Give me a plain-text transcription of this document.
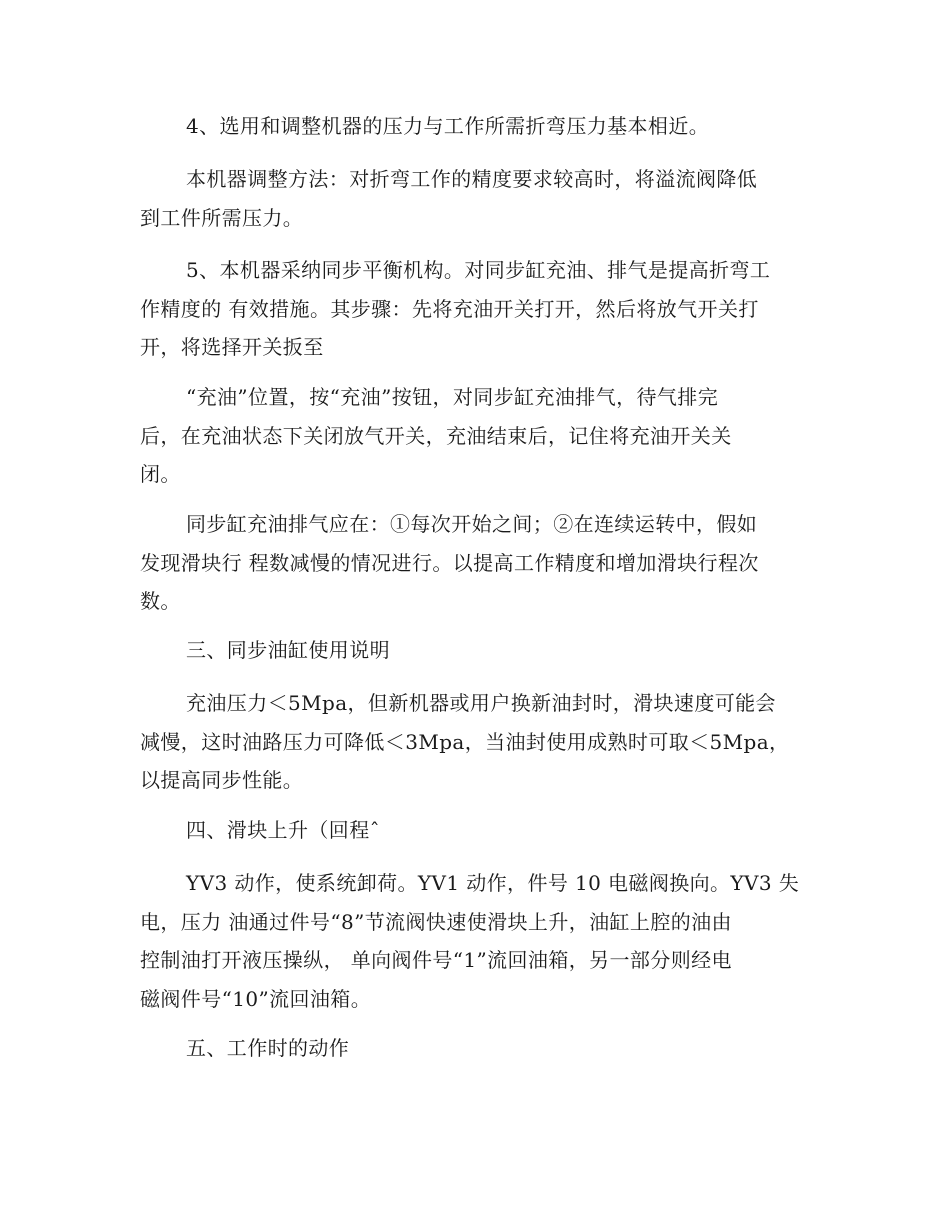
4、选用和调整机器的压力与工作所需折弯压力基本相近。
本机器调整方法：对折弯工作的精度要求较高时，将溢流阀降低
到工件所需压力。
5、本机器采纳同步平衡机构。对同步缸充油、排气是提高折弯工
作精度的 有效措施。其步骤：先将充油开关打开，然后将放气开关打
开，将选择开关扳至
“充油”位置，按“充油”按钮，对同步缸充油排气，待气排完
后，在充油状态下关闭放气开关，充油结束后，记住将充油开关关
闭。
同步缸充油排气应在：①每次开始之间；②在连续运转中，假如
发现滑块行 程数减慢的情况进行。以提高工作精度和增加滑块行程次
数。
三、同步油缸使用说明
充油压力＜5Mpa，但新机器或用户换新油封时，滑块速度可能会
减慢，这时油路压力可降低＜3Mpa，当油封使用成熟时可取＜5Mpa，
以提高同步性能。
四、滑块上升（回程ˆ
YV3 动作，使系统卸荷。YV1 动作，件号 10 电磁阀换向。YV3 失
电，压力 油通过件号“8”节流阀快速使滑块上升，油缸上腔的油由
控制油打开液压操纵， 单向阀件号“1”流回油箱，另一部分则经电
磁阀件号“10”流回油箱。
五、工作时的动作
